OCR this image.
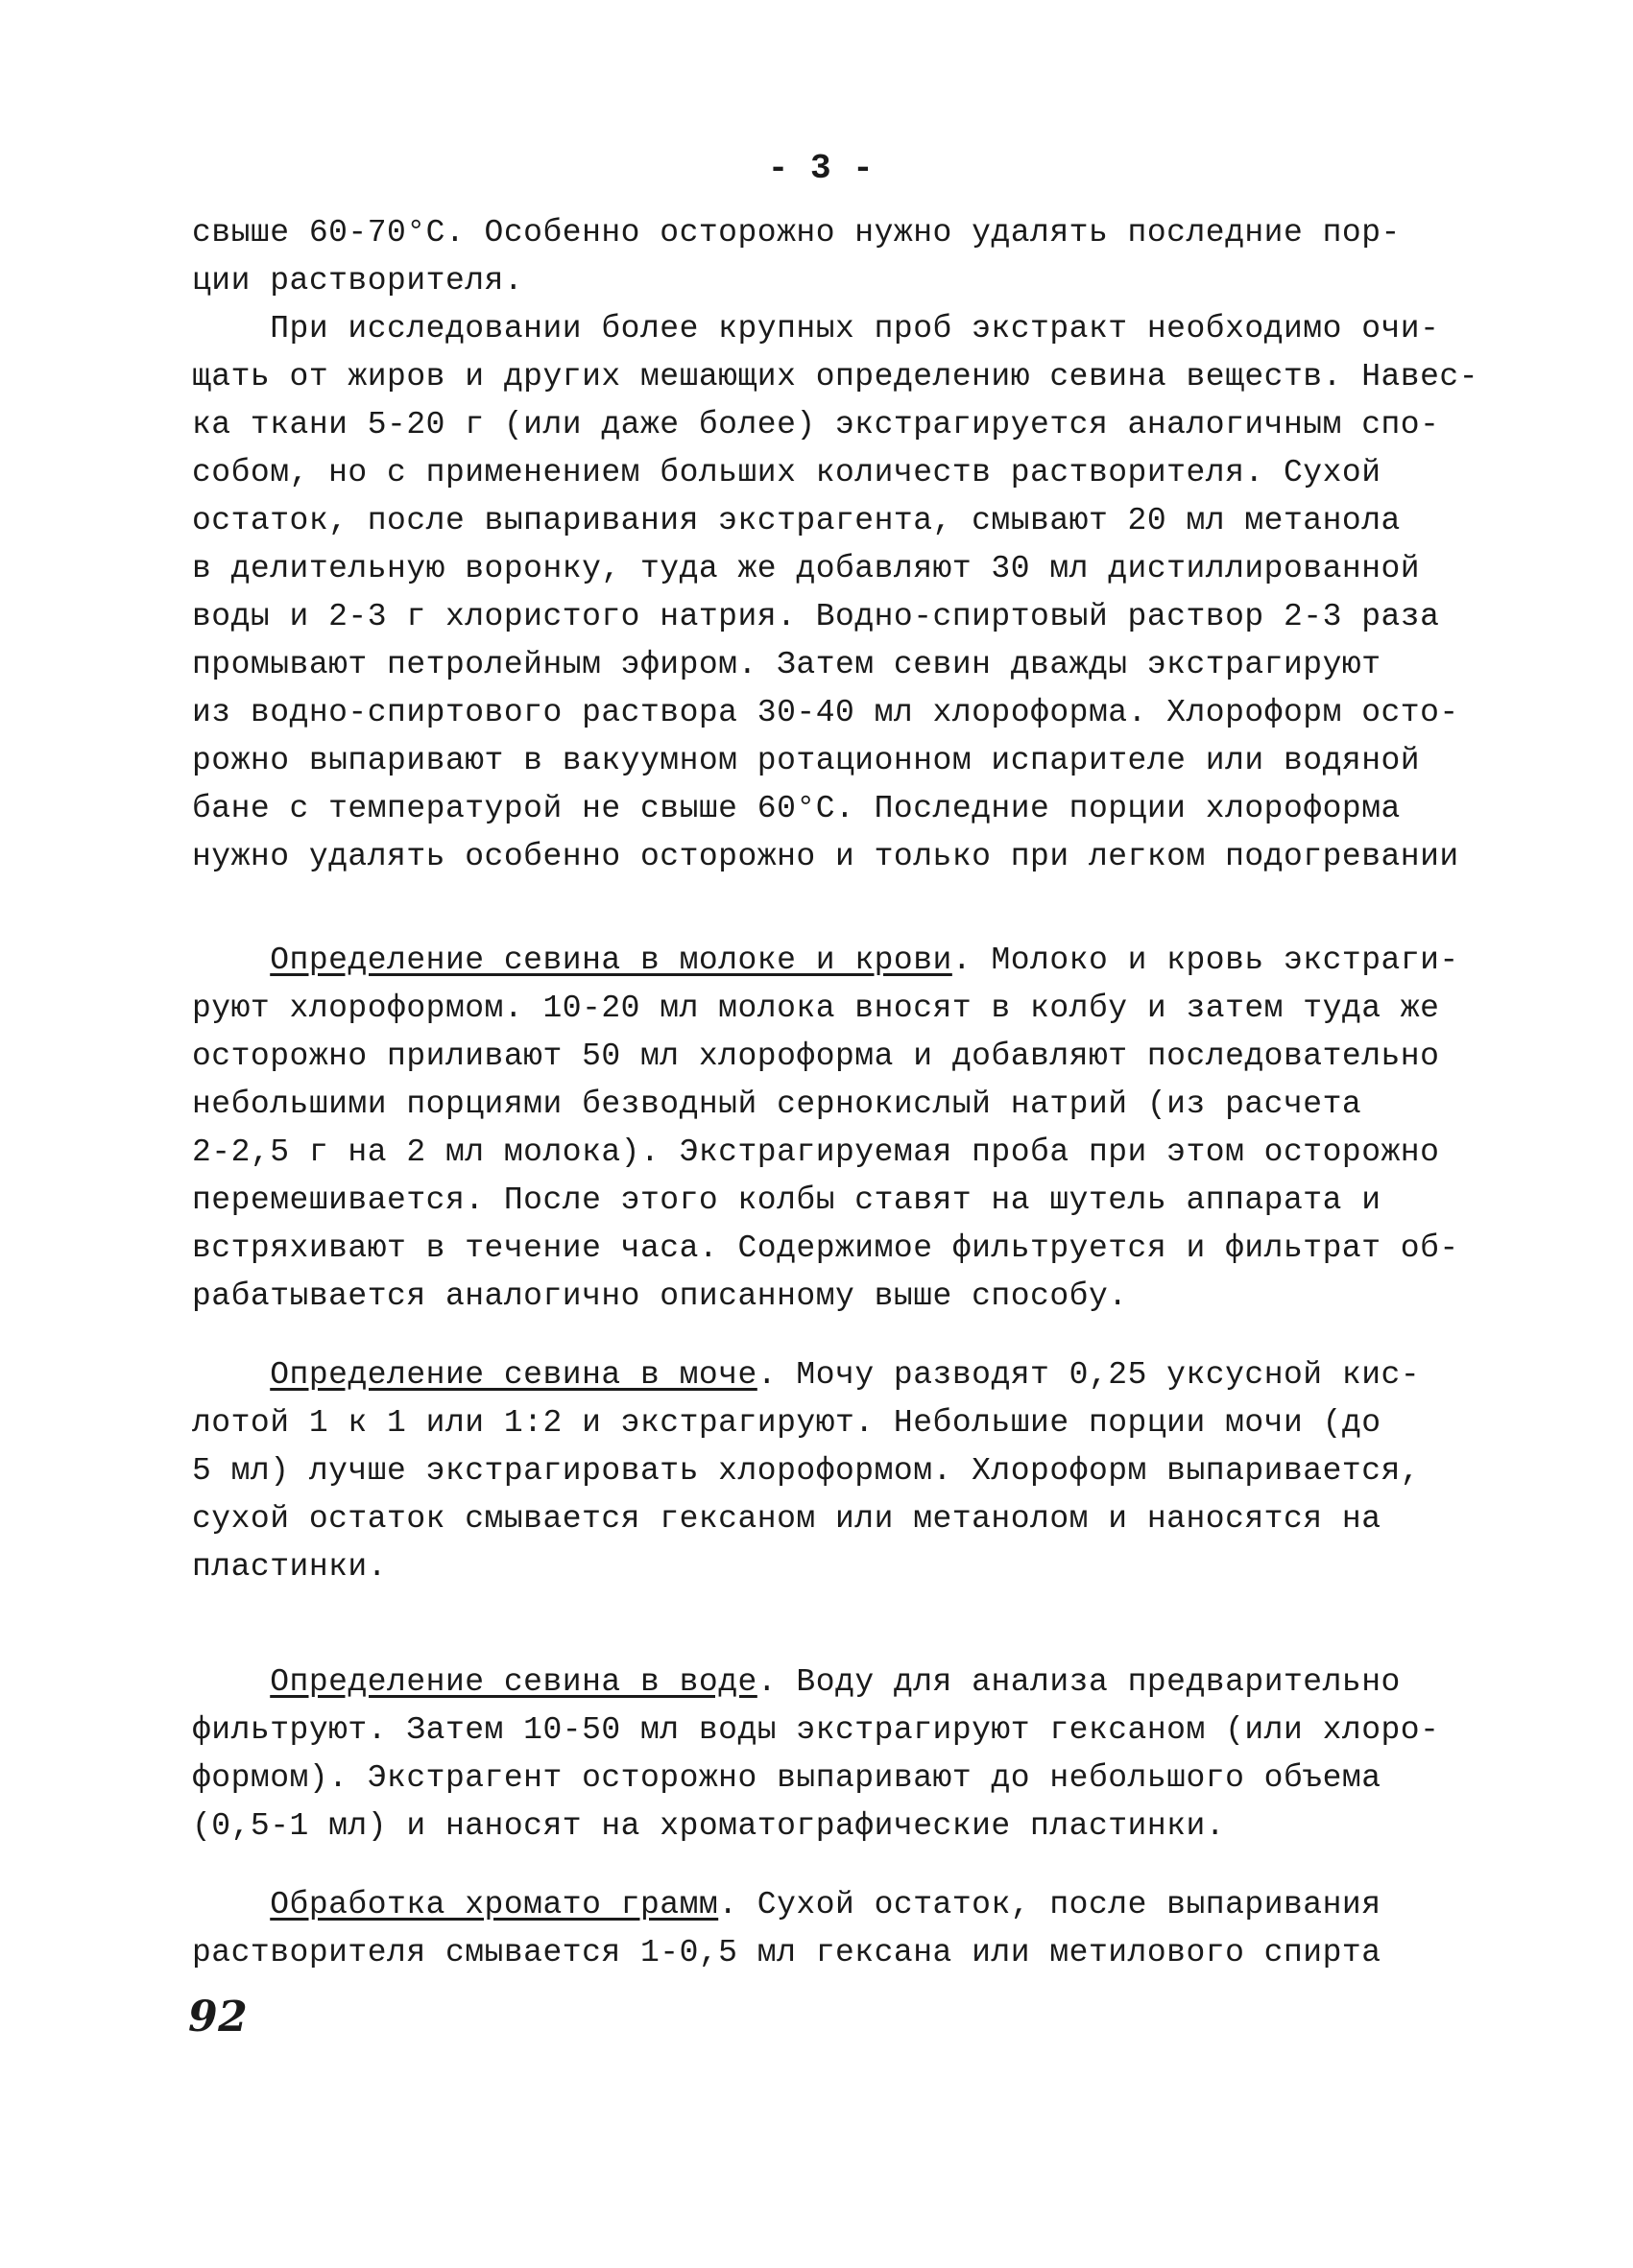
- 3 -
свыше 60-70°С. Особенно осторожно нужно удалять последние пор-
ции растворителя.
При исследовании более крупных проб экстракт необходимо очи-
щать от жиров и других мешающих определению севина веществ. Навес-
ка ткани 5-20 г (или даже более) экстрагируется аналогичным спо-
собом, но с применением больших количеств растворителя. Сухой
остаток, после выпаривания экстрагента, смывают 20 мл метанола
в делительную воронку, туда же добавляют 30 мл дистиллированной
воды и 2-3 г хлористого натрия. Водно-спиртовый раствор 2-3 раза
промывают петролейным эфиром. Затем севин дважды экстрагируют
из водно-спиртового раствора 30-40 мл хлороформа. Хлороформ осто-
рожно выпаривают в вакуумном ротационном испарителе или водяной
бане с температурой не свыше 60°С. Последние порции хлороформа
нужно удалять особенно осторожно и только при легком подогревании
Определение севина в молоке и крови. Молоко и кровь экстраги-
руют хлороформом. 10-20 мл молока вносят в колбу и затем туда же
осторожно приливают 50 мл хлороформа и добавляют последовательно
небольшими порциями безводный сернокислый натрий (из расчета
2-2,5 г на 2 мл молока). Экстрагируемая проба при этом осторожно
перемешивается. После этого колбы ставят на шутель аппарата и
встряхивают в течение часа. Содержимое фильтруется и фильтрат об-
рабатывается аналогично описанному выше способу.
Определение севина в моче. Мочу разводят 0,25 уксусной кис-
лотой 1 к 1 или 1:2 и экстрагируют. Небольшие порции мочи (до
5 мл) лучше экстрагировать хлороформом. Хлороформ выпаривается,
сухой остаток смывается гексаном или метанолом и наносятся на
пластинки.
Определение севина в воде. Воду для анализа предварительно
фильтруют. Затем 10-50 мл воды экстрагируют гексаном (или хлоро-
формом). Экстрагент осторожно выпаривают до небольшого объема
(0,5-1 мл) и наносят на хроматографические пластинки.
Обработка хромато грамм. Сухой остаток, после выпаривания
растворителя смывается 1-0,5 мл гексана или метилового спирта
92
